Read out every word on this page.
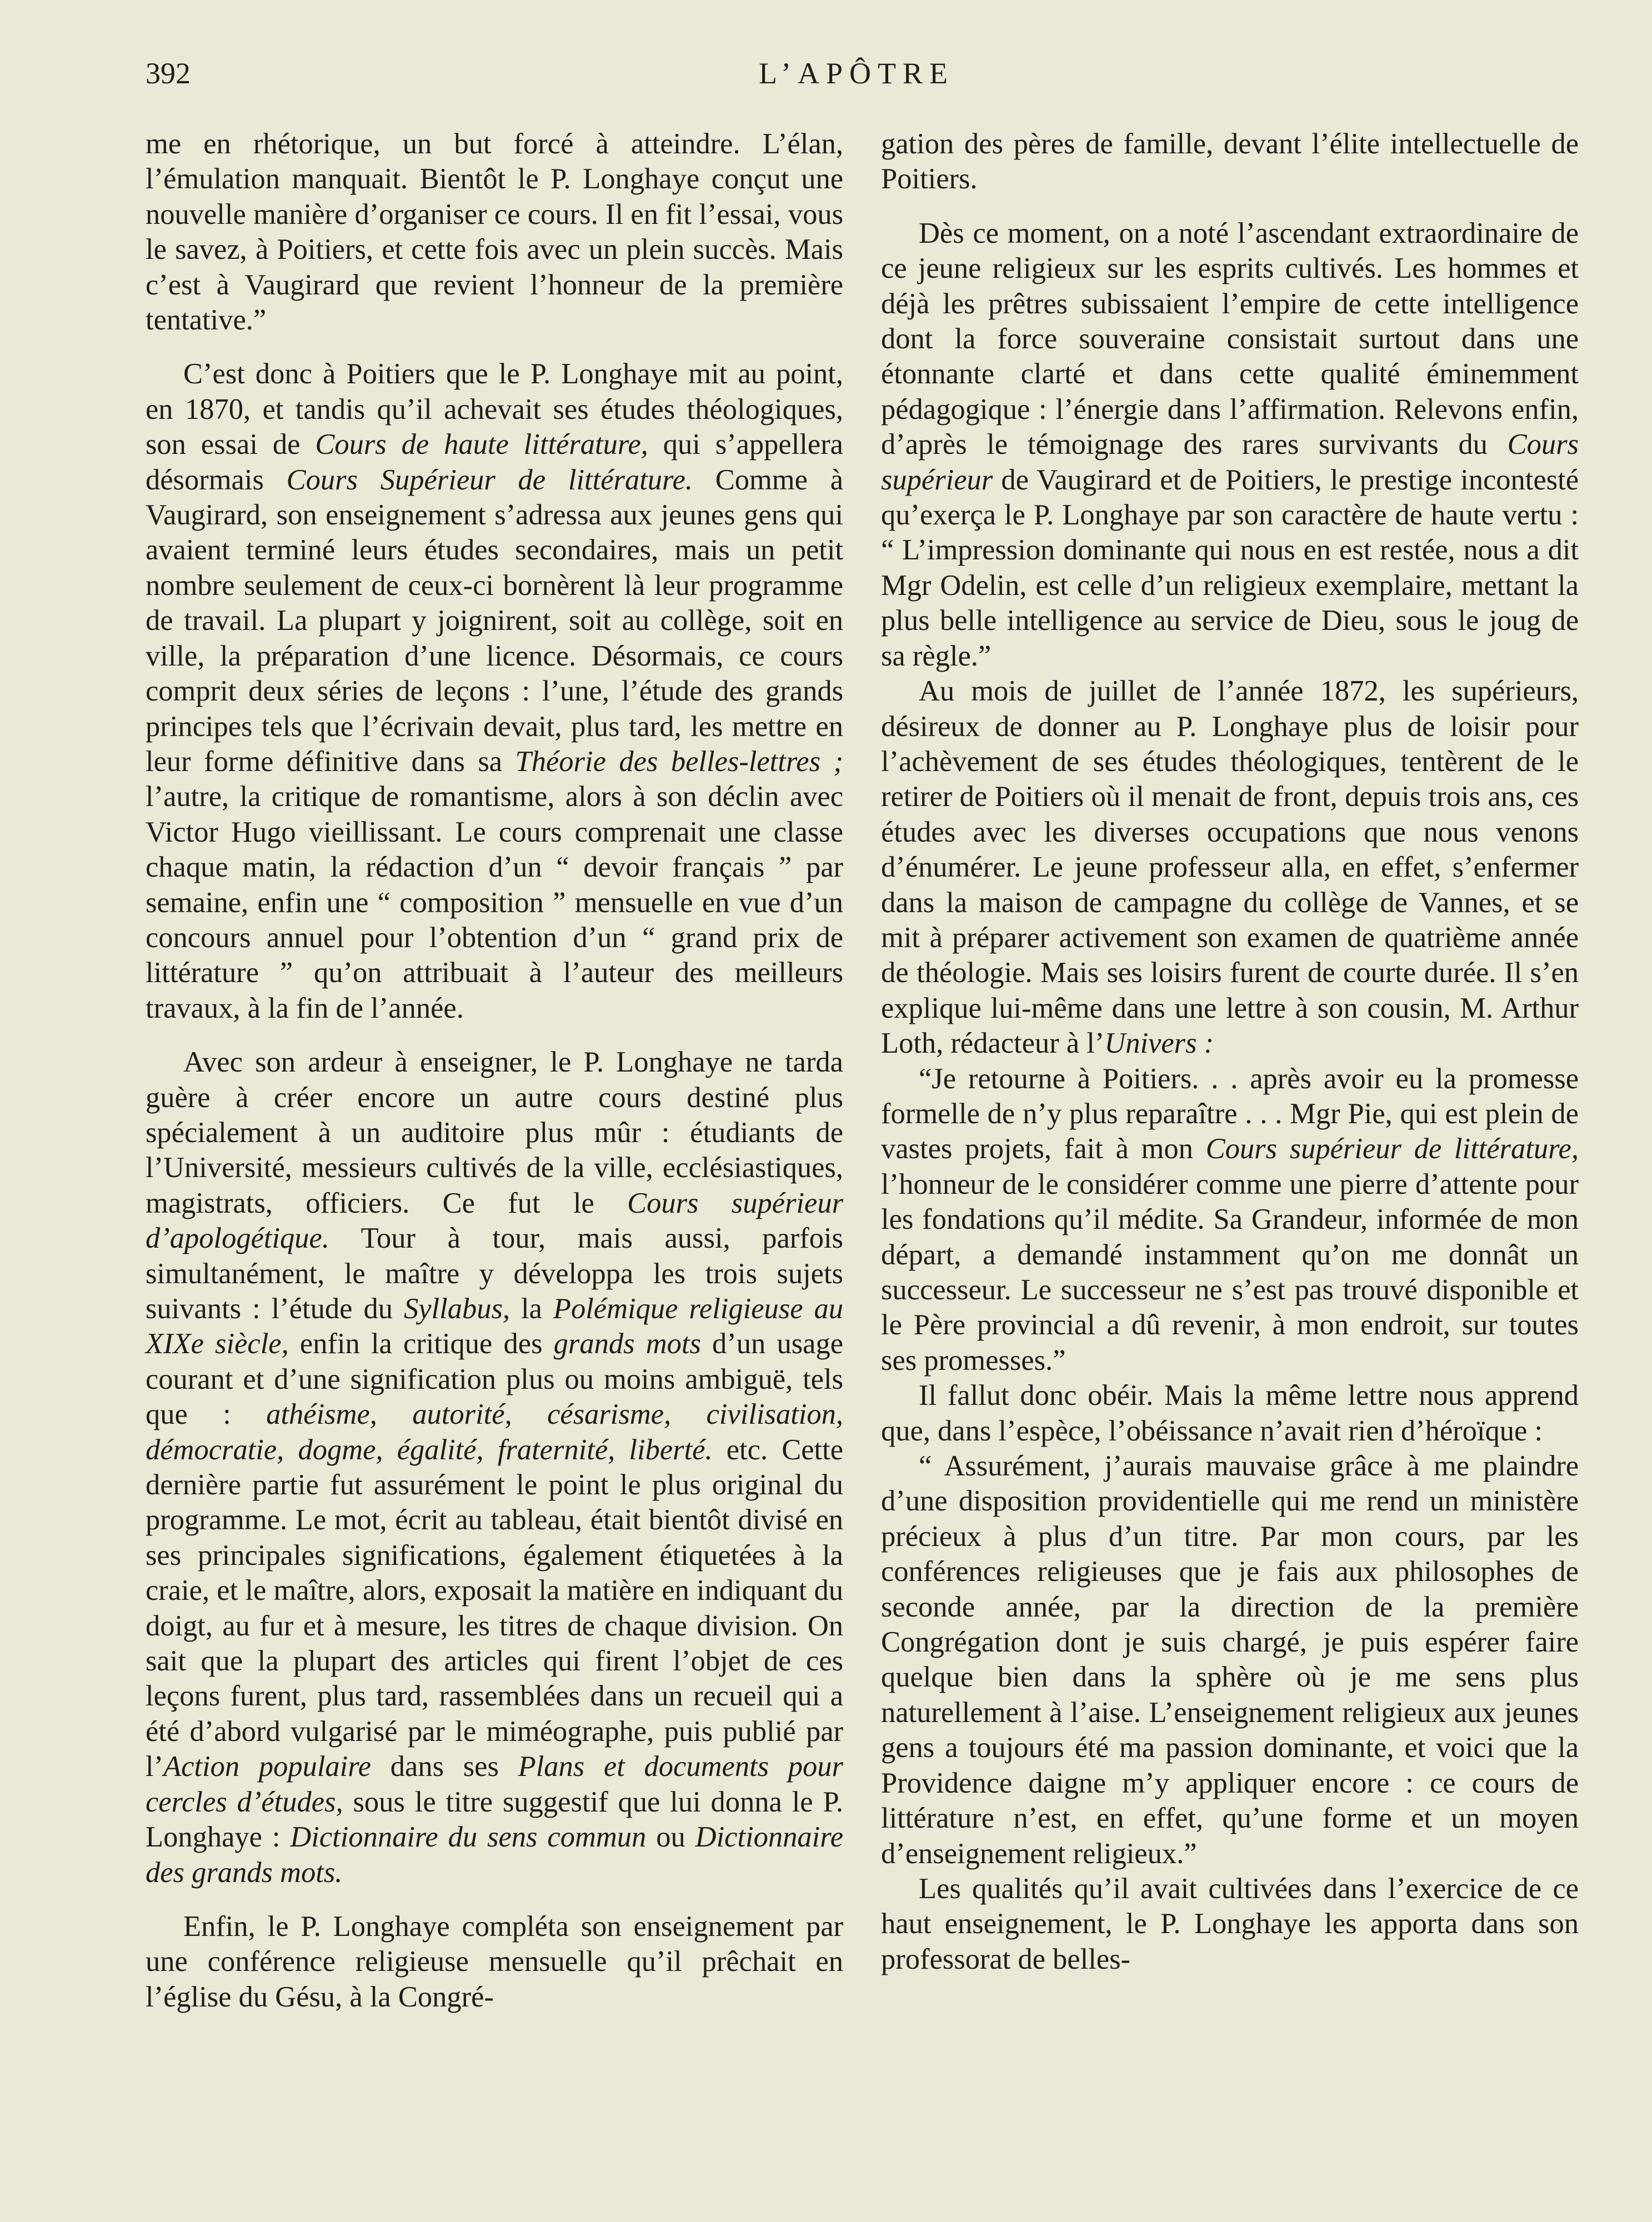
392	L’APÔTRE

me en rhétorique, un but forcé à atteindre. L’élan, l’émulation manquait. Bientôt le P. Longhaye conçut une nouvelle manière d’organiser ce cours. Il en fit l’essai, vous le savez, à Poitiers, et cette fois avec un plein succès. Mais c’est à Vaugirard que revient l’honneur de la première tentative.”

C’est donc à Poitiers que le P. Longhaye mit au point, en 1870, et tandis qu’il achevait ses études théologiques, son essai de Cours de haute littérature, qui s’appellera désormais Cours Supérieur de littérature. Comme à Vaugirard, son enseignement s’adressa aux jeunes gens qui avaient terminé leurs études secondaires, mais un petit nombre seulement de ceux-ci bornèrent là leur programme de travail. La plupart y joignirent, soit au collège, soit en ville, la préparation d’une licence. Désormais, ce cours comprit deux séries de leçons : l’une, l’étude des grands principes tels que l’écrivain devait, plus tard, les mettre en leur forme définitive dans sa Théorie des belles-lettres ; l’autre, la critique de romantisme, alors à son déclin avec Victor Hugo vieillissant. Le cours comprenait une classe chaque matin, la rédaction d’un “ devoir français ” par semaine, enfin une “ composition ” mensuelle en vue d’un concours annuel pour l’obtention d’un “ grand prix de littérature ” qu’on attribuait à l’auteur des meilleurs travaux, à la fin de l’année.

Avec son ardeur à enseigner, le P. Longhaye ne tarda guère à créer encore un autre cours destiné plus spécialement à un auditoire plus mûr : étudiants de l’Université, messieurs cultivés de la ville, ecclésiastiques, magistrats, officiers. Ce fut le Cours supérieur d’apologétique. Tour à tour, mais aussi, parfois simultanément, le maître y développa les trois sujets suivants : l’étude du Syllabus, la Polémique religieuse au XIXe siècle, enfin la critique des grands mots d’un usage courant et d’une signification plus ou moins ambiguë, tels que : athéisme, autorité, césarisme, civilisation, démocratie, dogme, égalité, fraternité, liberté. etc. Cette dernière partie fut assurément le point le plus original du programme. Le mot, écrit au tableau, était bientôt divisé en ses principales significations, également étiquetées à la craie, et le maître, alors, exposait la matière en indiquant du doigt, au fur et à mesure, les titres de chaque division. On sait que la plupart des articles qui firent l’objet de ces leçons furent, plus tard, rassemblées dans un recueil qui a été d’abord vulgarisé par le miméographe, puis publié par l’Action populaire dans ses Plans et documents pour cercles d’études, sous le titre suggestif que lui donna le P. Longhaye : Dictionnaire du sens commun ou Dictionnaire des grands mots.

Enfin, le P. Longhaye compléta son enseignement par une conférence religieuse mensuelle qu’il prêchait en l’église du Gésu, à la Congré-

gation des pères de famille, devant l’élite intellectuelle de Poitiers.

Dès ce moment, on a noté l’ascendant extraordinaire de ce jeune religieux sur les esprits cultivés. Les hommes et déjà les prêtres subissaient l’empire de cette intelligence dont la force souveraine consistait surtout dans une étonnante clarté et dans cette qualité éminemment pédagogique : l’énergie dans l’affirmation. Relevons enfin, d’après le témoignage des rares survivants du Cours supérieur de Vaugirard et de Poitiers, le prestige incontesté qu’exerça le P. Longhaye par son caractère de haute vertu : “ L’impression dominante qui nous en est restée, nous a dit Mgr Odelin, est celle d’un religieux exemplaire, mettant la plus belle intelligence au service de Dieu, sous le joug de sa règle.”

Au mois de juillet de l’année 1872, les supérieurs, désireux de donner au P. Longhaye plus de loisir pour l’achèvement de ses études théologiques, tentèrent de le retirer de Poitiers où il menait de front, depuis trois ans, ces études avec les diverses occupations que nous venons d’énumérer. Le jeune professeur alla, en effet, s’enfermer dans la maison de campagne du collège de Vannes, et se mit à préparer activement son examen de quatrième année de théologie. Mais ses loisirs furent de courte durée. Il s’en explique lui-même dans une lettre à son cousin, M. Arthur Loth, rédacteur à l’Univers :

“Je retourne à Poitiers. . . après avoir eu la promesse formelle de n’y plus reparaître . . . Mgr Pie, qui est plein de vastes projets, fait à mon Cours supérieur de littérature, l’honneur de le considérer comme une pierre d’attente pour les fondations qu’il médite. Sa Grandeur, informée de mon départ, a demandé instamment qu’on me donnât un successeur. Le successeur ne s’est pas trouvé disponible et le Père provincial a dû revenir, à mon endroit, sur toutes ses promesses.”

Il fallut donc obéir. Mais la même lettre nous apprend que, dans l’espèce, l’obéissance n’avait rien d’héroïque :

“ Assurément, j’aurais mauvaise grâce à me plaindre d’une disposition providentielle qui me rend un ministère précieux à plus d’un titre. Par mon cours, par les conférences religieuses que je fais aux philosophes de seconde année, par la direction de la première Congrégation dont je suis chargé, je puis espérer faire quelque bien dans la sphère où je me sens plus naturellement à l’aise. L’enseignement religieux aux jeunes gens a toujours été ma passion dominante, et voici que la Providence daigne m’y appliquer encore : ce cours de littérature n’est, en effet, qu’une forme et un moyen d’enseignement religieux.”

Les qualités qu’il avait cultivées dans l’exercice de ce haut enseignement, le P. Longhaye les apporta dans son professorat de belles-
